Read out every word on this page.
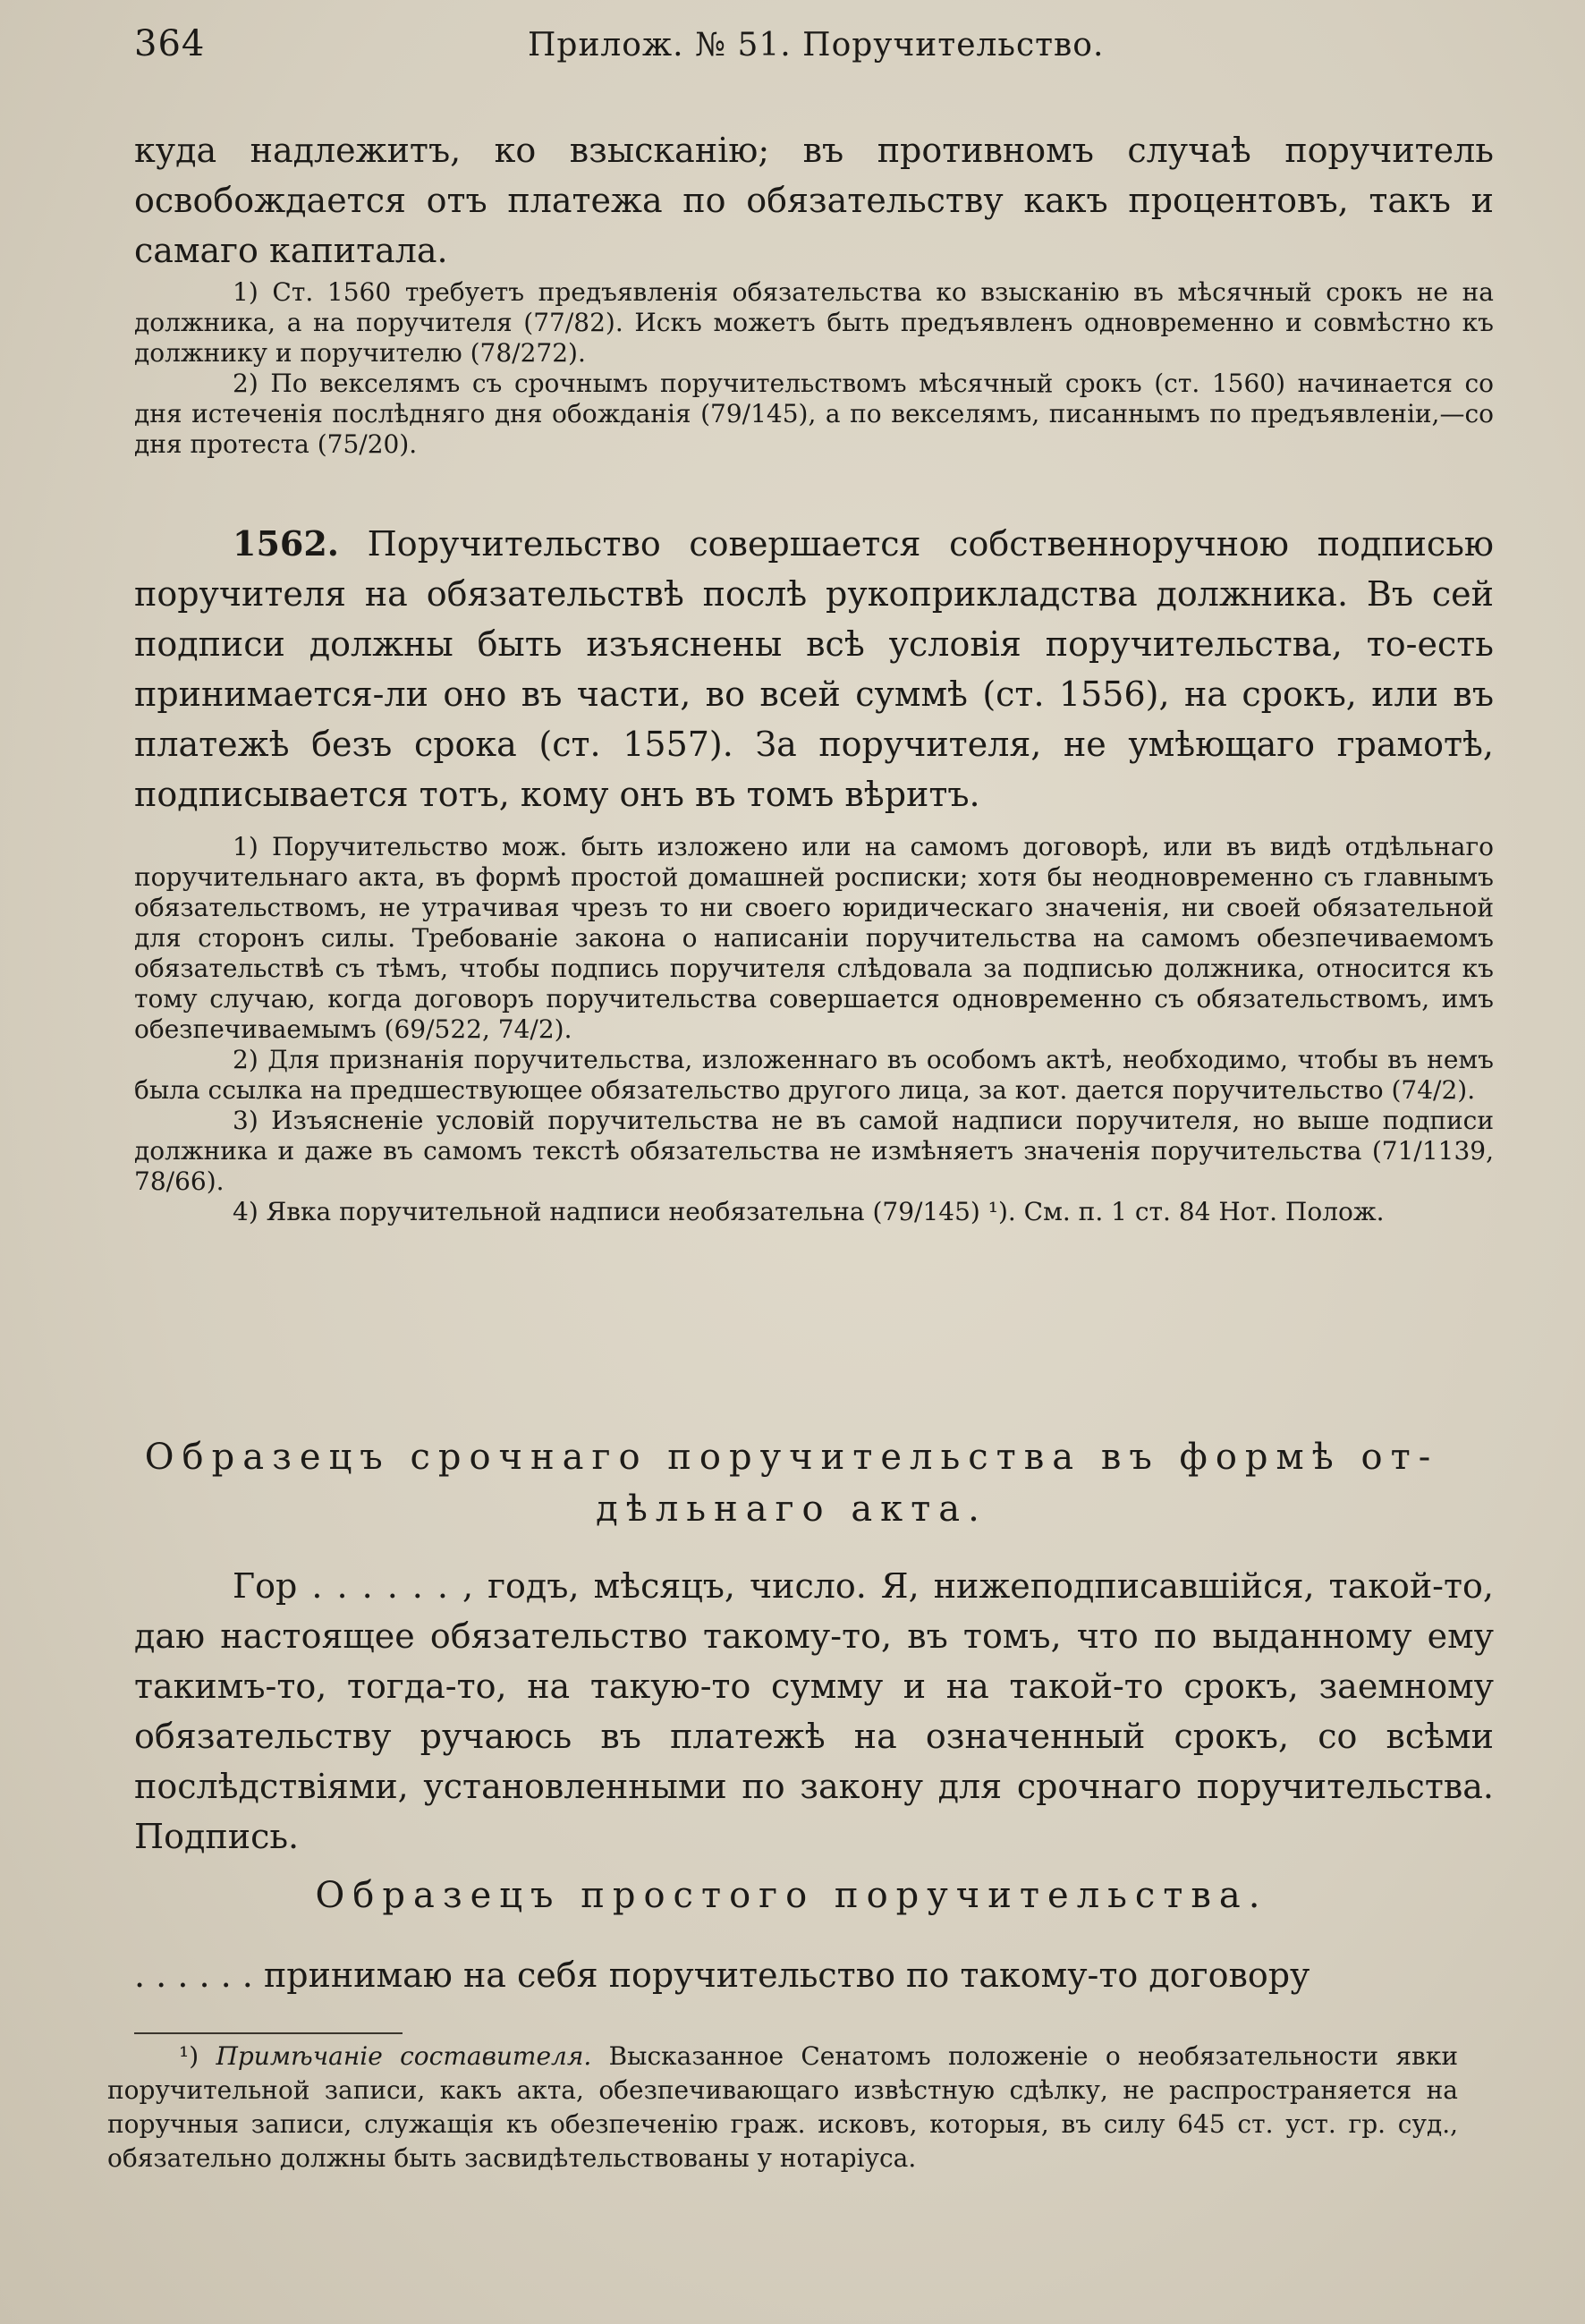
364	Прилож. № 51. Поручительство.

куда надлежитъ, ко взысканію; въ противномъ случаѣ поручитель освобождается отъ платежа по обязательству какъ процентовъ, такъ и самаго капитала.

1) Ст. 1560 требуетъ предъявленія обязательства ко взысканію въ мѣсячный срокъ не на должника, а на поручителя (77/82). Искъ можетъ быть предъявленъ одновременно и совмѣстно къ должнику и поручителю (78/272).

2) По векселямъ съ срочнымъ поручительствомъ мѣсячный срокъ (ст. 1560) начинается со дня истеченія послѣдняго дня обожданія (79/145), а по векселямъ, писаннымъ по предъявленіи,—со дня протеста (75/20).

1562. Поручительство совершается собственноручною подписью поручителя на обязательствѣ послѣ рукоприкладства должника. Въ сей подписи должны быть изъяснены всѣ условія поручительства, то-есть принимается-ли оно въ части, во всей суммѣ (ст. 1556), на срокъ, или въ платежѣ безъ срока (ст. 1557). За поручителя, не умѣющаго грамотѣ, подписывается тотъ, кому онъ въ томъ вѣритъ.

1) Поручительство мож. быть изложено или на самомъ договорѣ, или въ видѣ отдѣльнаго поручительнаго акта, въ формѣ простой домашней росписки; хотя бы неодновременно съ главнымъ обязательствомъ, не утрачивая чрезъ то ни своего юридическаго значенія, ни своей обязательной для сторонъ силы. Требованіе закона о написаніи поручительства на самомъ обезпечиваемомъ обязательствѣ съ тѣмъ, чтобы подпись поручителя слѣдовала за подписью должника, относится къ тому случаю, когда договоръ поручительства совершается одновременно съ обязательствомъ, имъ обезпечиваемымъ (69/522, 74/2).

2) Для признанія поручительства, изложеннаго въ особомъ актѣ, необходимо, чтобы въ немъ была ссылка на предшествующее обязательство другого лица, за кот. дается поручительство (74/2).

3) Изъясненіе условій поручительства не въ самой надписи поручителя, но выше подписи должника и даже въ самомъ текстѣ обязательства не измѣняетъ значенія поручительства (71/1139, 78/66).

4) Явка поручительной надписи необязательна (79/145) ¹). См. п. 1 ст. 84 Нот. Полож.

Образецъ срочнаго поручительства въ формѣ от-
дѣльнаго акта.

Гор . . . . . . , годъ, мѣсяцъ, число. Я, нижеподписавшійся, такой-то, даю настоящее обязательство такому-то, въ томъ, что по выданному ему такимъ-то, тогда-то, на такую-то сумму и на такой-то срокъ, заемному обязательству ручаюсь въ платежѣ на означенный срокъ, со всѣми послѣдствіями, установленными по закону для срочнаго поручительства. Подпись.

Образецъ простого поручительства.

. . . . . . принимаю на себя поручительство по такому-то договору

¹) Примѣчаніе составителя. Высказанное Сенатомъ положеніе о необязательности явки поручительной записи, какъ акта, обезпечивающаго извѣстную сдѣлку, не распространяется на поручныя записи, служащія къ обезпеченію граж. исковъ, которыя, въ силу 645 ст. уст. гр. суд., обязательно должны быть засвидѣтельствованы у нотаріуса.
